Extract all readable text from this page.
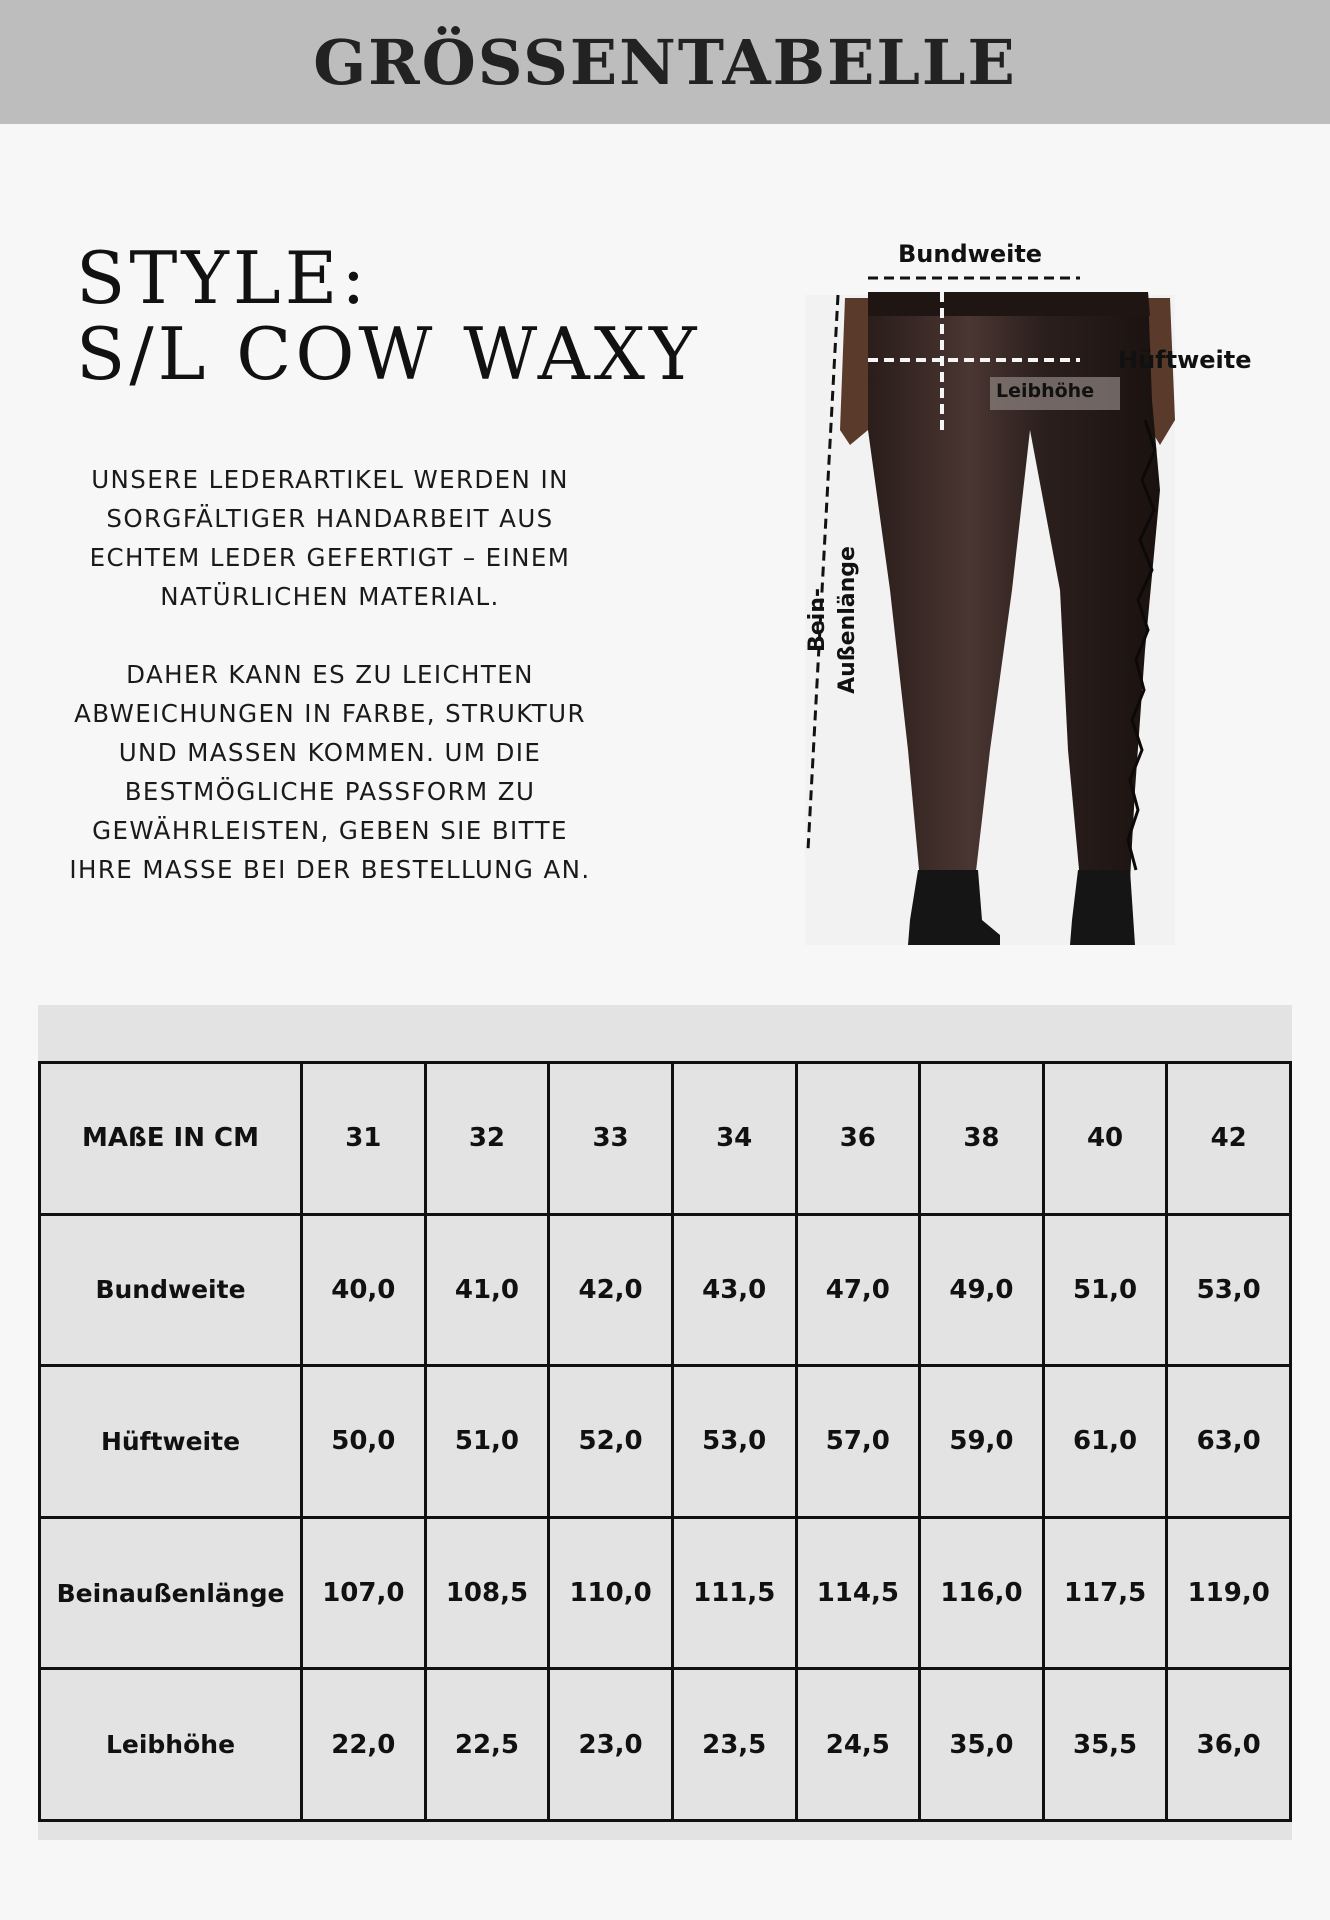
GRÖSSENTABELLE
STYLE:
S/L COW WAXY

UNSERE LEDERARTIKEL WERDEN IN SORGFÄLTIGER HANDARBEIT AUS ECHTEM LEDER GEFERTIGT – EINEM NATÜRLICHEN MATERIAL.

DAHER KANN ES ZU LEICHTEN ABWEICHUNGEN IN FARBE, STRUKTUR UND MASSEN KOMMEN. UM DIE BESTMÖGLICHE PASSFORM ZU GEWÄHRLEISTEN, GEBEN SIE BITTE IHRE MASSE BEI DER BESTELLUNG AN.

Bundweite
Hüftweite
Leibhöhe
Bein- Außenlänge
MAßE IN CM	31	32	33	34	36	38	40	42
Bundweite	40,0	41,0	42,0	43,0	47,0	49,0	51,0	53,0
Hüftweite	50,0	51,0	52,0	53,0	57,0	59,0	61,0	63,0
Beinaußenlänge	107,0	108,5	110,0	111,5	114,5	116,0	117,5	119,0
Leibhöhe	22,0	22,5	23,0	23,5	24,5	35,0	35,5	36,0
